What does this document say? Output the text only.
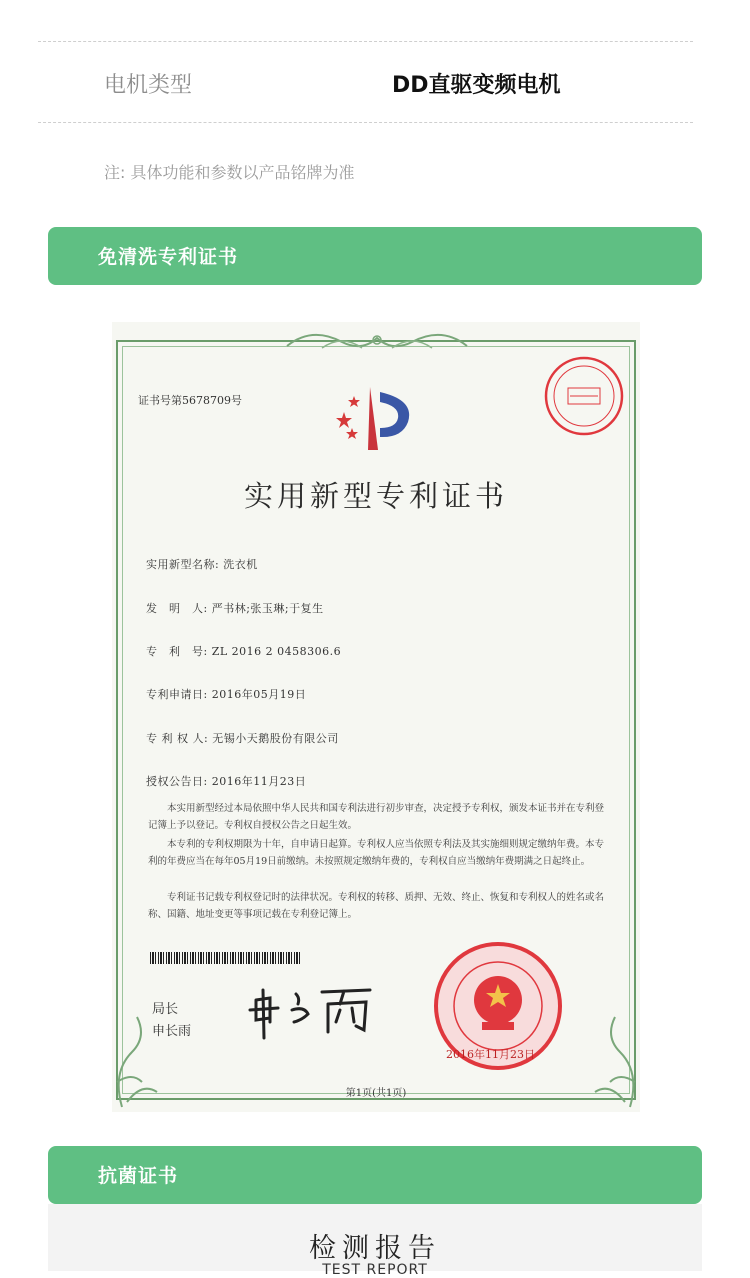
电机类型	DD直驱变频电机
注: 具体功能和参数以产品铭牌为准
免清洗专利证书
证书号第5678709号
实用新型专利证书
实用新型名称: 洗衣机
发　明　人: 严书林;张玉琳;于复生
专　利　号: ZL 2016 2 0458306.6
专利申请日: 2016年05月19日
专 利 权 人: 无锡小天鹅股份有限公司
授权公告日: 2016年11月23日
本实用新型经过本局依照中华人民共和国专利法进行初步审查，决定授予专利权，颁发本证书并在专利登记簿上予以登记。专利权自授权公告之日起生效。
本专利的专利权期限为十年，自申请日起算。专利权人应当依照专利法及其实施细则规定缴纳年费。本专利的年费应当在每年05月19日前缴纳。未按照规定缴纳年费的，专利权自应当缴纳年费期满之日起终止。
专利证书记载专利权登记时的法律状况。专利权的转移、质押、无效、终止、恢复和专利权人的姓名或名称、国籍、地址变更等事项记载在专利登记簿上。
局长
申长雨
2016年11月23日
第1页(共1页)
抗菌证书
检测报告
TEST REPORT
